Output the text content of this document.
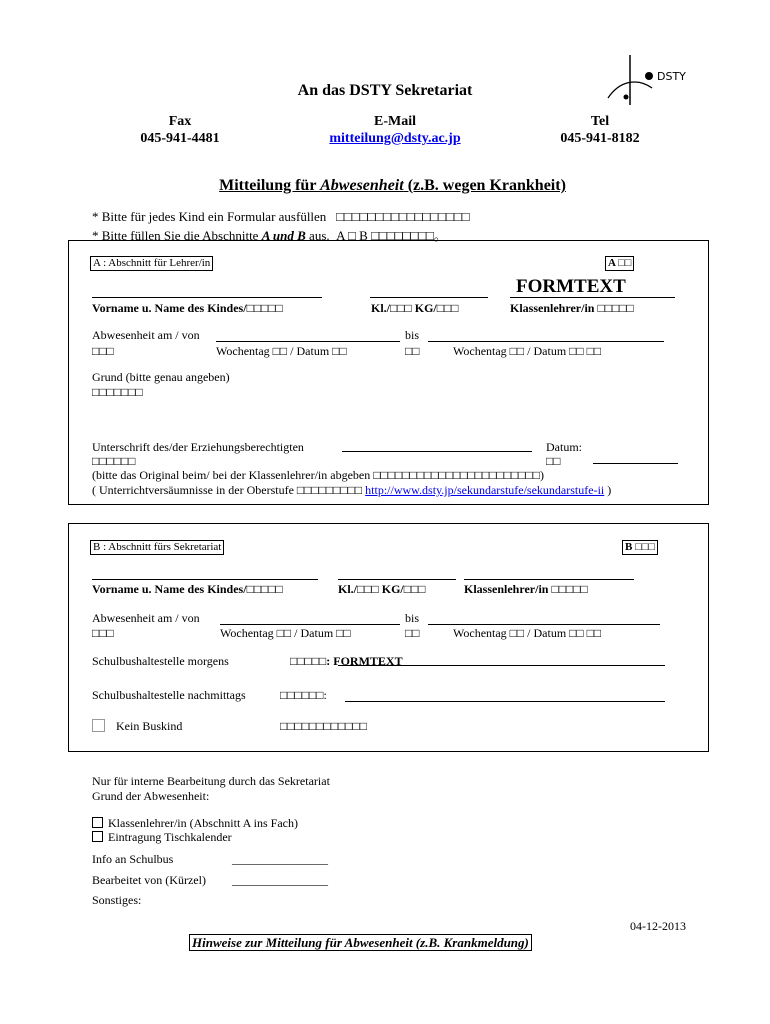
DSTY
An das DSTY Sekretariat
Fax
045-941-4481
E-Mail
mitteilung@dsty.ac.jp
Tel
045-941-8182
Mitteilung für Abwesenheit (z.B. wegen Krankheit)
* Bitte für jedes Kind ein Formular ausfüllen □□□□□□□□□□□□□□□□□
* Bitte füllen Sie die Abschnitte A und B aus. A □ B □□□□□□□□。
A : Abschnitt für Lehrer/in	A □□
FORMTEXT
Vorname u. Name des Kindes/□□□□□	Kl./□□□ KG/□□□	Klassenlehrer/in □□□□□
Abwesenheit am / von	bis
□□□	Wochentag □□ / Datum □□	□□	Wochentag □□ / Datum □□ □□
Grund (bitte genau angeben)
□□□□□□□
Unterschrift des/der Erziehungsberechtigten	Datum:
□□□□□□	□□
(bitte das Original beim/ bei der Klassenlehrer/in abgeben □□□□□□□□□□□□□□□□□□□□□□□)
( Unterrichtversäumnisse in der Oberstufe □□□□□□□□□ http://www.dsty.jp/sekundarstufe/sekundarstufe-ii )
B : Abschnitt fürs Sekretariat	B □□□
Vorname u. Name des Kindes/□□□□□	Kl./□□□ KG/□□□	Klassenlehrer/in □□□□□
Abwesenheit am / von	bis
□□□	Wochentag □□ / Datum □□	□□	Wochentag □□ / Datum □□ □□
Schulbushaltestelle morgens	□□□□□: FORMTEXT
Schulbushaltestelle nachmittags	□□□□□□:
Kein Buskind	□□□□□□□□□□□□
Nur für interne Bearbeitung durch das Sekretariat
Grund der Abwesenheit:
Klassenlehrer/in (Abschnitt A ins Fach)
Eintragung Tischkalender
Info an Schulbus	________________
Bearbeitet von (Kürzel) ________________
Sonstiges:
04-12-2013
Hinweise zur Mitteilung für Abwesenheit (z.B. Krankmeldung)
